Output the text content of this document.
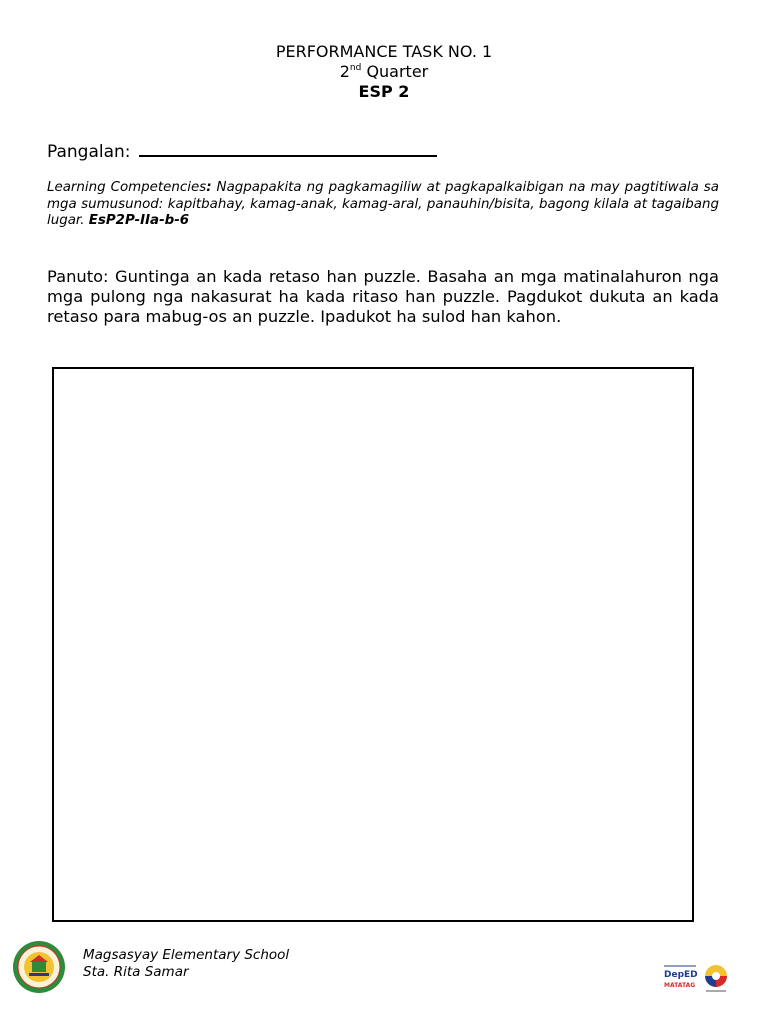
PERFORMANCE TASK NO. 1
2nd Quarter
ESP 2
Pangalan:
Learning Competencies: Nagpapakita ng pagkamagiliw at pagkapalkaibigan na may pagtitiwala sa mga sumusunod: kapitbahay, kamag-anak, kamag-aral, panauhin/bisita, bagong kilala at tagaibang lugar. EsP2P-IIa-b-6
Panuto: Guntinga an kada retaso han puzzle. Basaha an mga matinalahuron nga mga pulong nga nakasurat ha kada ritaso han puzzle. Pagdukot dukuta an kada retaso para mabug-os an puzzle. Ipadukot ha sulod han kahon.
Magsasyay Elementary School
Sta. Rita Samar	DepED
MATATAG
